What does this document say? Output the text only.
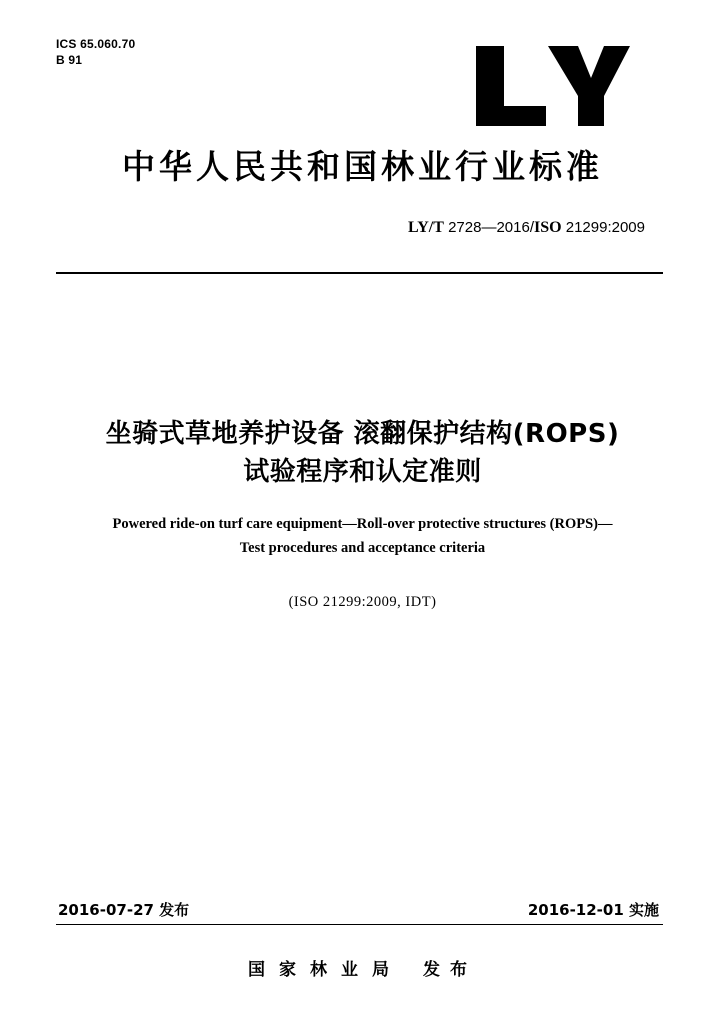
ICS 65.060.70
B 91
中华人民共和国林业行业标准
LY/T 2728—2016/ISO 21299:2009
坐骑式草地养护设备 滚翻保护结构(ROPS)
试验程序和认定准则
Powered ride-on turf care equipment—Roll-over protective structures (ROPS)—
Test procedures and acceptance criteria
(ISO 21299:2009, IDT)
2016-07-27 发布	2016-12-01 实施
国家林业局 发布
